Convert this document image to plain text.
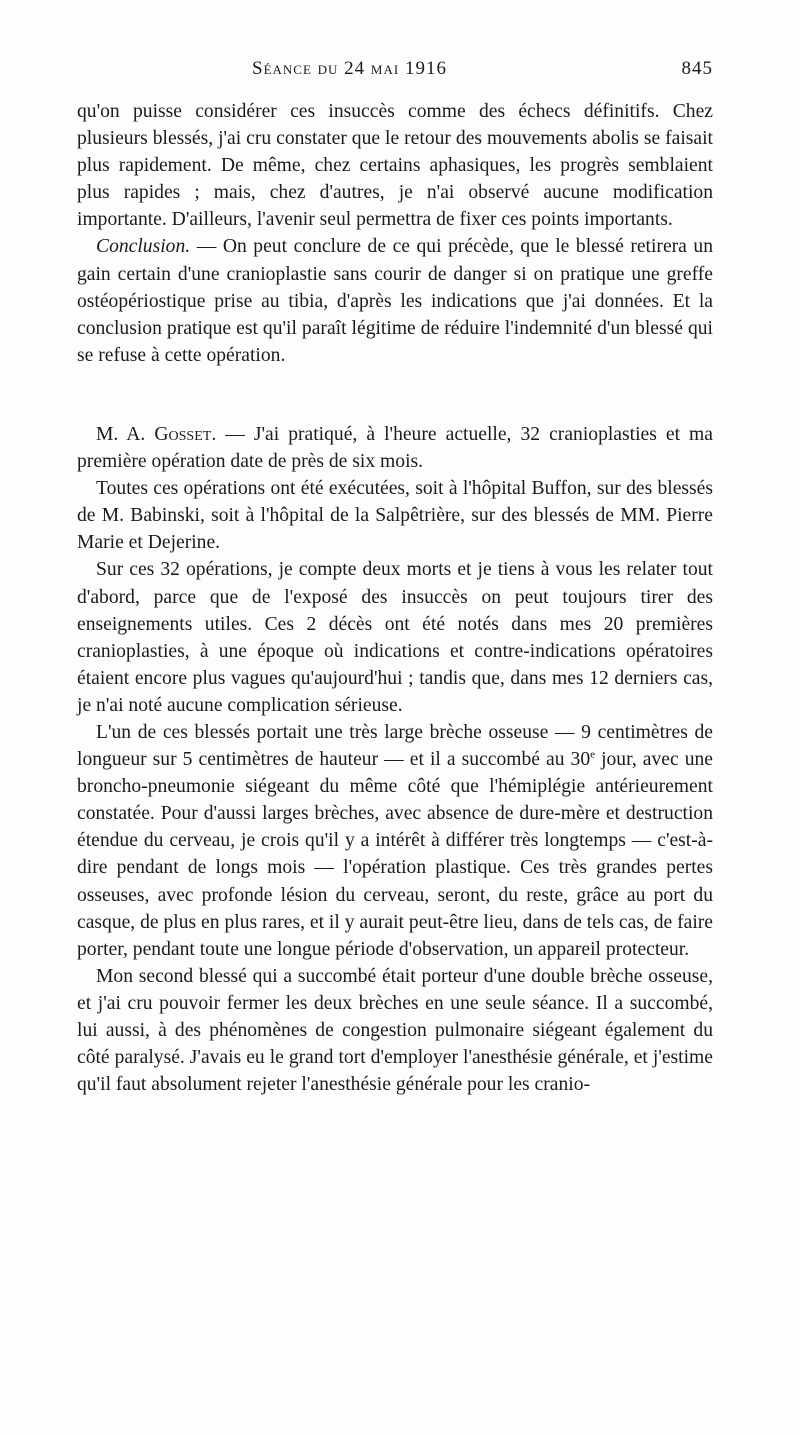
Séance du 24 mai 1916	845

qu'on puisse considérer ces insuccès comme des échecs définitifs. Chez plusieurs blessés, j'ai cru constater que le retour des mouvements abolis se faisait plus rapidement. De même, chez certains aphasiques, les progrès semblaient plus rapides ; mais, chez d'autres, je n'ai observé aucune modification importante. D'ailleurs, l'avenir seul permettra de fixer ces points importants.

Conclusion. — On peut conclure de ce qui précède, que le blessé retirera un gain certain d'une cranioplastie sans courir de danger si on pratique une greffe ostéopériostique prise au tibia, d'après les indications que j'ai données. Et la conclusion pratique est qu'il paraît légitime de réduire l'indemnité d'un blessé qui se refuse à cette opération.

M. A. Gosset. — J'ai pratiqué, à l'heure actuelle, 32 cranioplasties et ma première opération date de près de six mois.

Toutes ces opérations ont été exécutées, soit à l'hôpital Buffon, sur des blessés de M. Babinski, soit à l'hôpital de la Salpêtrière, sur des blessés de MM. Pierre Marie et Dejerine.

Sur ces 32 opérations, je compte deux morts et je tiens à vous les relater tout d'abord, parce que de l'exposé des insuccès on peut toujours tirer des enseignements utiles. Ces 2 décès ont été notés dans mes 20 premières cranioplasties, à une époque où indications et contre-indications opératoires étaient encore plus vagues qu'aujourd'hui ; tandis que, dans mes 12 derniers cas, je n'ai noté aucune complication sérieuse.

L'un de ces blessés portait une très large brèche osseuse — 9 centimètres de longueur sur 5 centimètres de hauteur — et il a succombé au 30e jour, avec une broncho-pneumonie siégeant du même côté que l'hémiplégie antérieurement constatée. Pour d'aussi larges brèches, avec absence de dure-mère et destruction étendue du cerveau, je crois qu'il y a intérêt à différer très longtemps — c'est-à-dire pendant de longs mois — l'opération plastique. Ces très grandes pertes osseuses, avec profonde lésion du cerveau, seront, du reste, grâce au port du casque, de plus en plus rares, et il y aurait peut-être lieu, dans de tels cas, de faire porter, pendant toute une longue période d'observation, un appareil protecteur.

Mon second blessé qui a succombé était porteur d'une double brèche osseuse, et j'ai cru pouvoir fermer les deux brèches en une seule séance. Il a succombé, lui aussi, à des phénomènes de congestion pulmonaire siégeant également du côté paralysé. J'avais eu le grand tort d'employer l'anesthésie générale, et j'estime qu'il faut absolument rejeter l'anesthésie générale pour les cranio-
